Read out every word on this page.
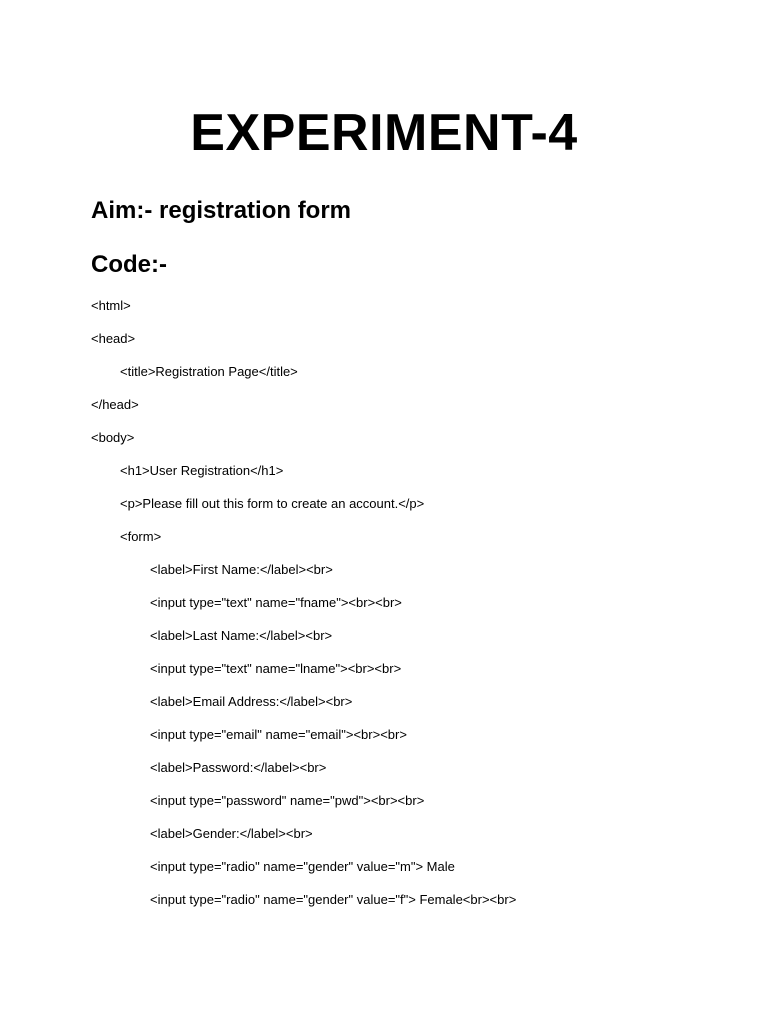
EXPERIMENT-4
Aim:- registration form
Code:-
<html>
<head>
<title>Registration Page</title>
</head>
<body>
<h1>User Registration</h1>
<p>Please fill out this form to create an account.</p>
<form>
<label>First Name:</label><br>
<input type="text" name="fname"><br><br>
<label>Last Name:</label><br>
<input type="text" name="lname"><br><br>
<label>Email Address:</label><br>
<input type="email" name="email"><br><br>
<label>Password:</label><br>
<input type="password" name="pwd"><br><br>
<label>Gender:</label><br>
<input type="radio" name="gender" value="m"> Male
<input type="radio" name="gender" value="f"> Female<br><br>
